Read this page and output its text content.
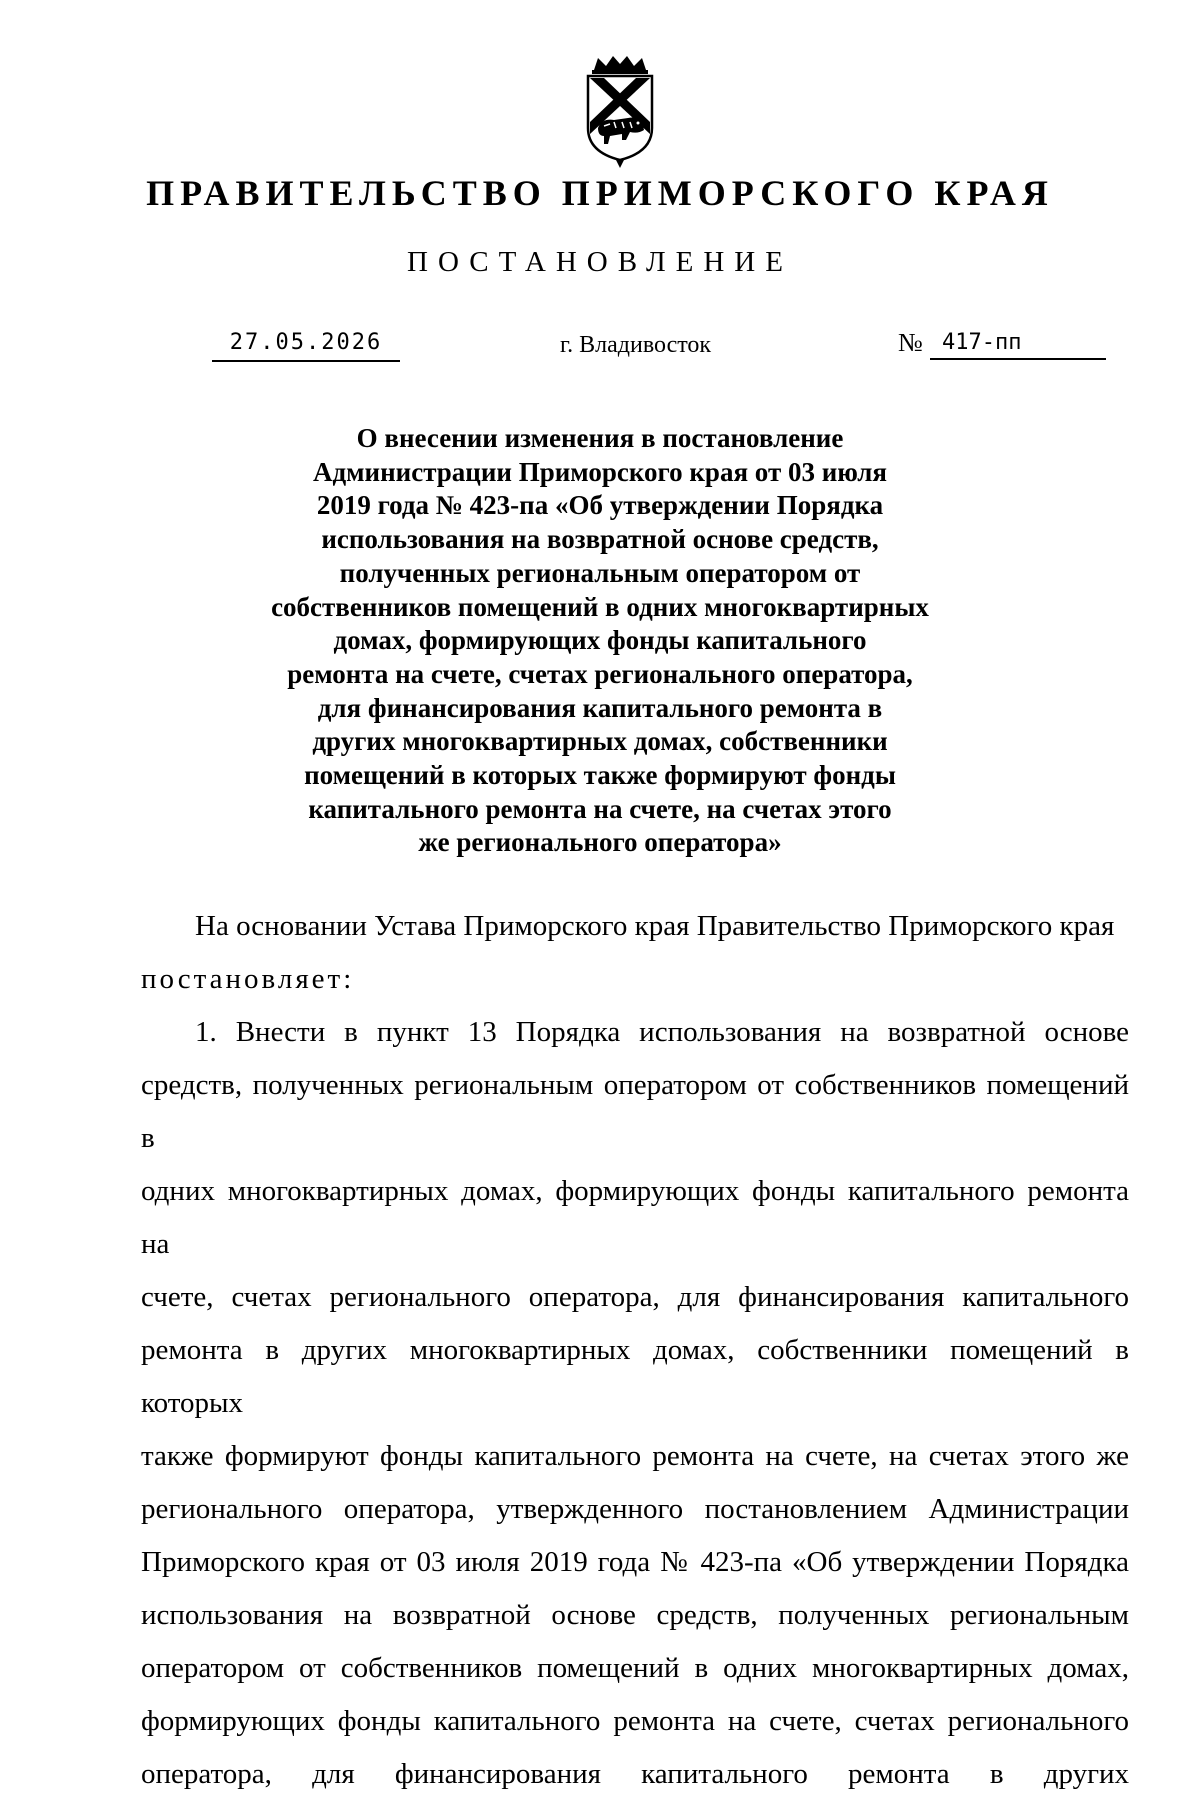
ПРАВИТЕЛЬСТВО ПРИМОРСКОГО КРАЯ
ПОСТАНОВЛЕНИЕ
27.05.2026	г. Владивосток	№ 417-пп
О внесении изменения в постановление
Администрации Приморского края от 03 июля
2019 года № 423-па «Об утверждении Порядка
использования на возвратной основе средств,
полученных региональным оператором от
собственников помещений в одних многоквартирных
домах, формирующих фонды капитального
ремонта на счете, счетах регионального оператора,
для финансирования капитального ремонта в
других многоквартирных домах, собственники
помещений в которых также формируют фонды
капитального ремонта на счете, на счетах этого
же регионального оператора»
На основании Устава Приморского края Правительство Приморского края
постановляет:
1. Внести в пункт 13 Порядка использования на возвратной основе
средств, полученных региональным оператором от собственников помещений в
одних многоквартирных домах, формирующих фонды капитального ремонта на
счете, счетах регионального оператора, для финансирования капитального
ремонта в других многоквартирных домах, собственники помещений в которых
также формируют фонды капитального ремонта на счете, на счетах этого же
регионального оператора, утвержденного постановлением Администрации
Приморского края от 03 июля 2019 года № 423-па «Об утверждении Порядка
использования на возвратной основе средств, полученных региональным
оператором от собственников помещений в одних многоквартирных домах,
формирующих фонды капитального ремонта на счете, счетах регионального
оператора, для финансирования капитального ремонта в других
